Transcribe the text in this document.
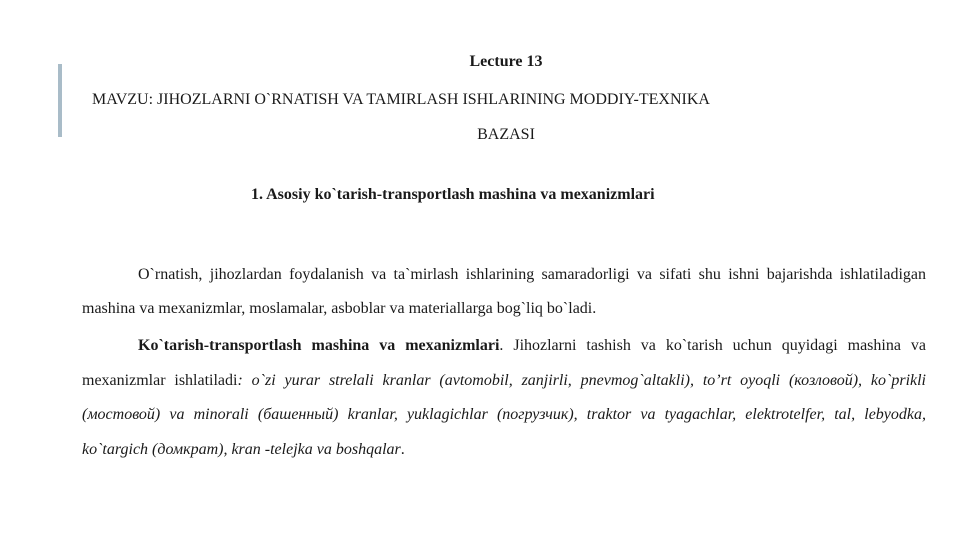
Lecture 13
MAVZU: JIHOZLARNI O`RNATISH VA TAMIRLASH ISHLARINING MODDIY-TEXNIKA
BAZASI
1. Asosiy ko`tarish-transportlash mashina va mexanizmlari
O`rnatish, jihozlardan foydalanish va ta`mirlash ishlarining samaradorligi va sifati shu ishni bajarishda ishlatiladigan mashina va mexanizmlar, moslamalar, asboblar va materiallarga bog`liq bo`ladi.
Ko`tarish-transportlash mashina va mexanizmlari. Jihozlarni tashish va ko`tarish uchun quyidagi mashina va mexanizmlar ishlatiladi: o`zi yurar strelali kranlar (avtomobil, zanjirli, pnevmog`altakli), to’rt oyoqli (козловой), ko`prikli (мостовой) va minorali (башенный) kranlar, yuklagichlar (погрузчик), traktor va tyagachlar, elektrotelfer, tal, lebyodka, ko`targich (домкрат), kran -telejka va boshqalar.
